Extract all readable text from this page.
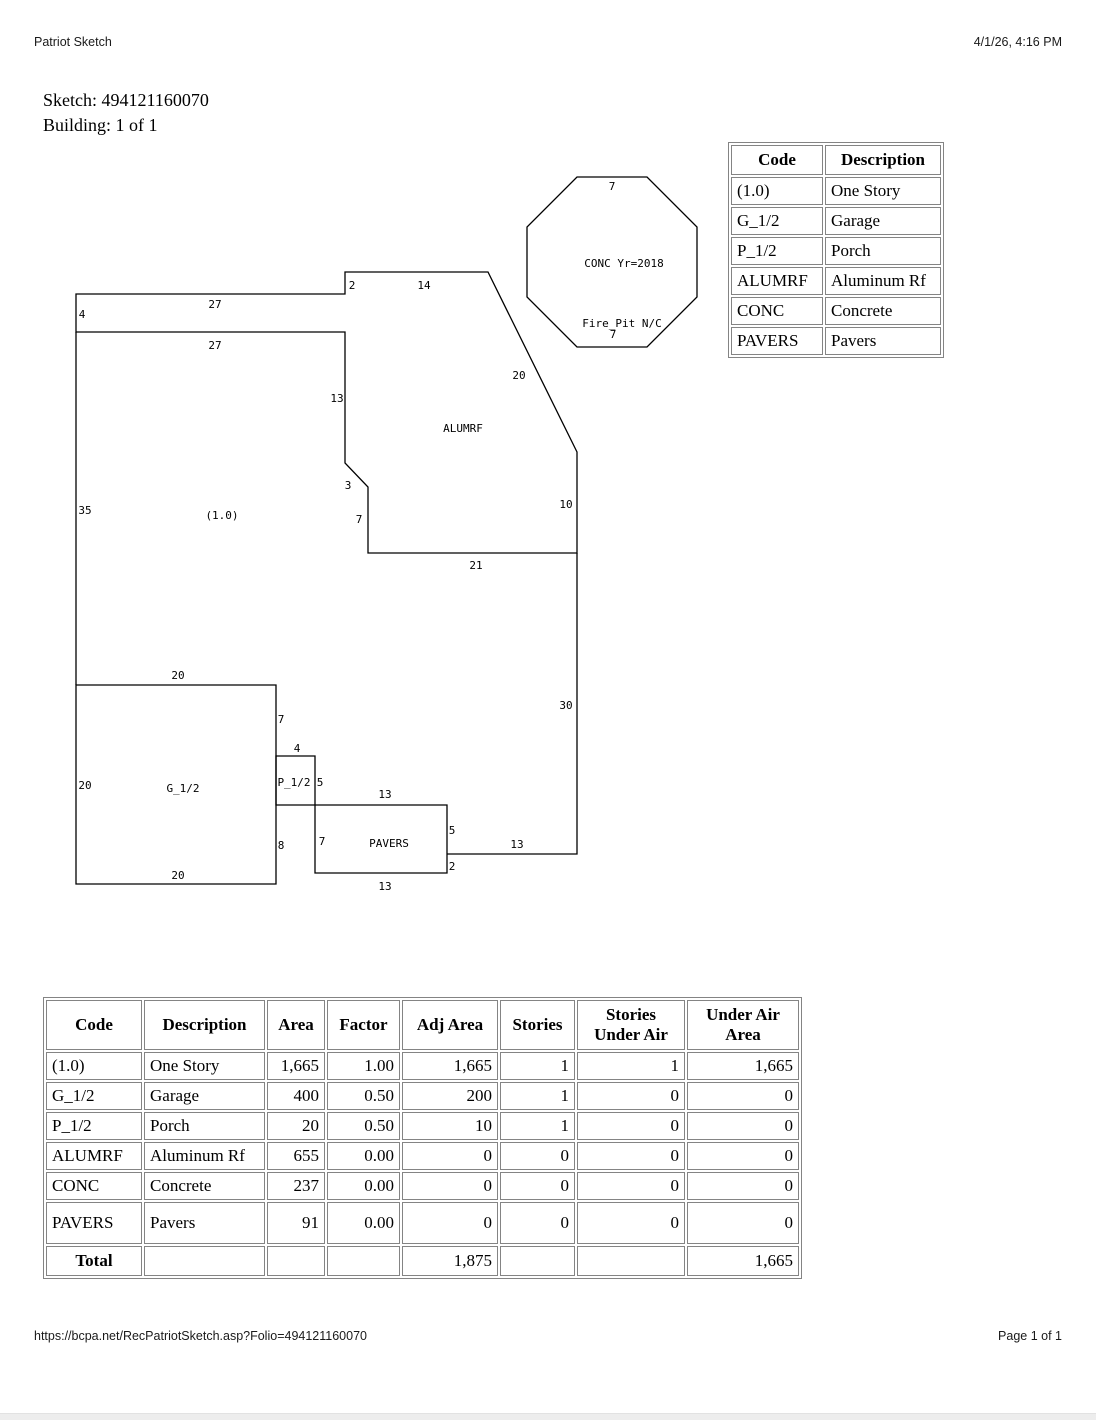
Patriot Sketch	4/1/26, 4:16 PM
Sketch: 494121160070
Building: 1 of 1
7
CONC Yr=2018
Fire_Pit N/C
7
2	14
27
4
27
13
20
ALUMRF
3
35	(1.0)	7
10
21
30
20
7
4
20	G_1/2	P_1/2 5
8	7	PAVERS
13
5
2
13
20
13
Code	Description
(1.0)	One Story
G_1/2	Garage
P_1/2	Porch
ALUMRF	Aluminum Rf
CONC	Concrete
PAVERS	Pavers
Code	Description	Area	Factor	Adj Area	Stories	Stories Under Air	Under Air Area
(1.0)	One Story	1,665	1.00	1,665	1	1	1,665
G_1/2	Garage	400	0.50	200	1	0	0
P_1/2	Porch	20	0.50	10	1	0	0
ALUMRF	Aluminum Rf	655	0.00	0	0	0	0
CONC	Concrete	237	0.00	0	0	0	0
PAVERS	Pavers	91	0.00	0	0	0	0
Total				1,875			1,665
https://bcpa.net/RecPatriotSketch.asp?Folio=494121160070	Page 1 of 1
